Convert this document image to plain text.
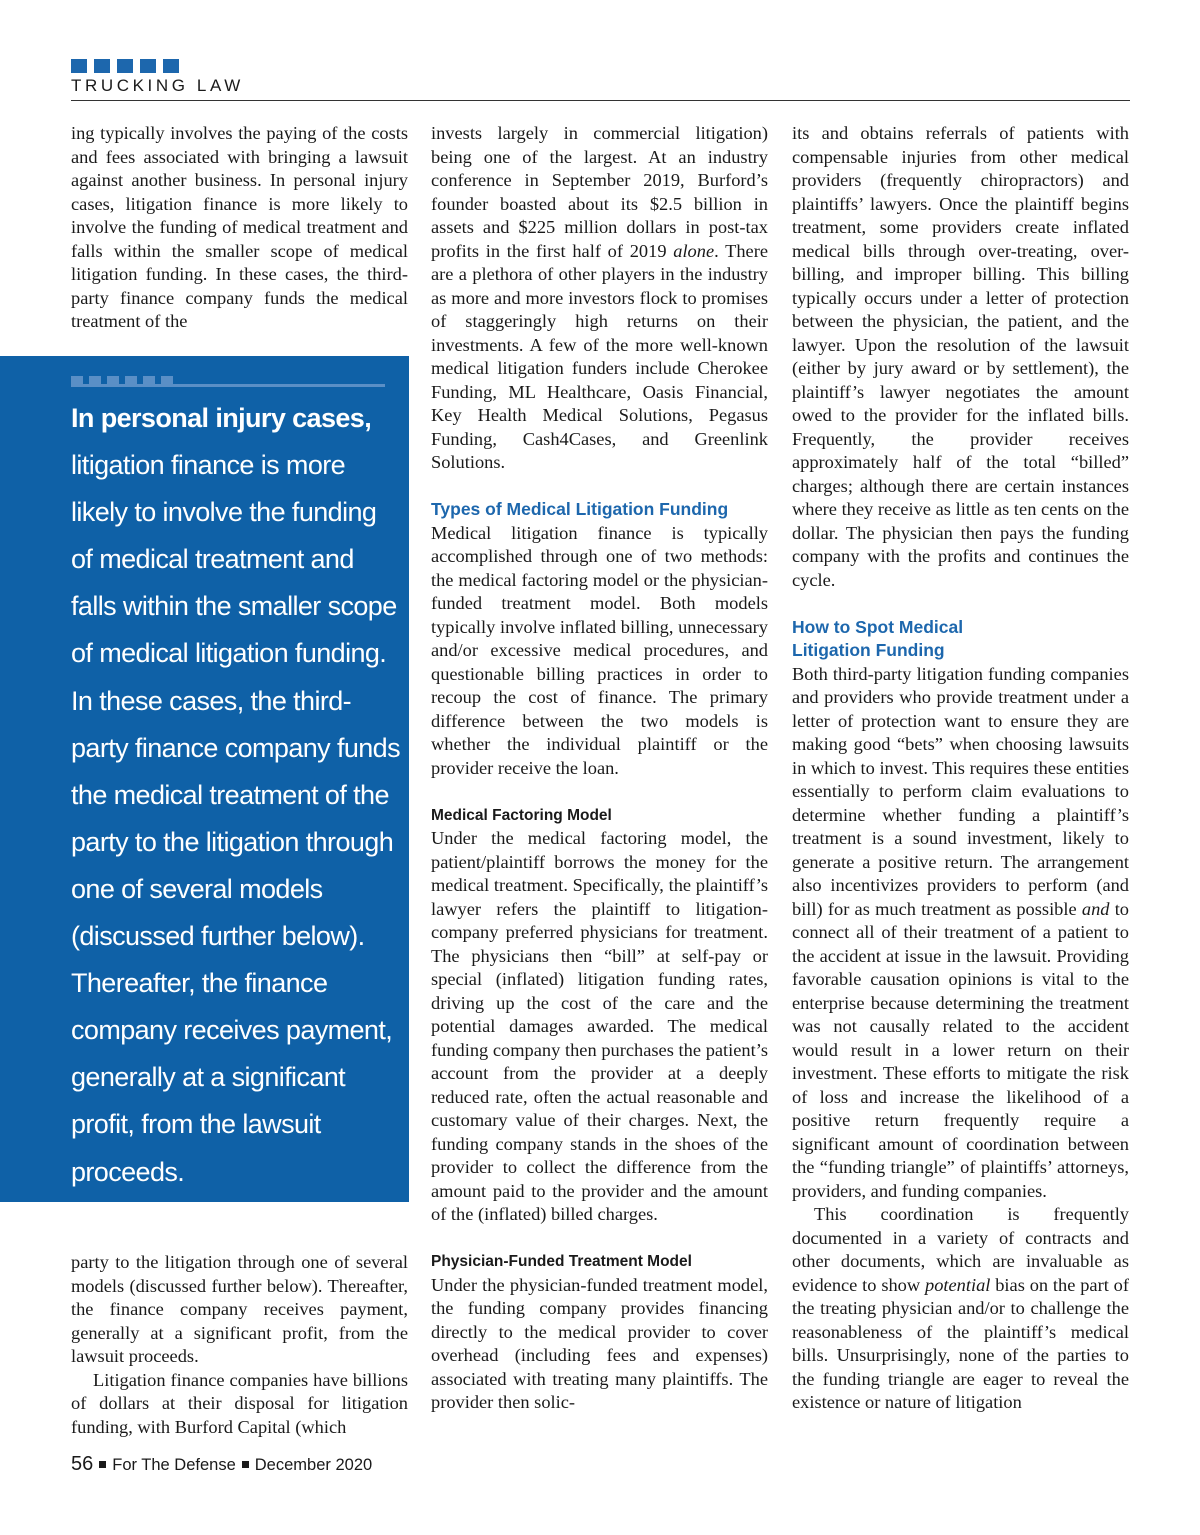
TRUCKING LAW

ing typically involves the paying of the costs and fees associated with bringing a lawsuit against another business. In personal injury cases, litigation finance is more likely to involve the funding of medical treatment and falls within the smaller scope of medical litigation funding. In these cases, the third-party finance company funds the medical treatment of the

In personal injury cases,
litigation finance is more likely to involve the funding of medical treatment and falls within the smaller scope of medical litigation funding. In these cases, the third-party finance company funds the medical treatment of the party to the litigation through one of several models (discussed further below). Thereafter, the finance company receives payment, generally at a significant profit, from the lawsuit proceeds.

party to the litigation through one of several models (discussed further below). Thereafter, the finance company receives payment, generally at a significant profit, from the lawsuit proceeds.

Litigation finance companies have billions of dollars at their disposal for litigation funding, with Burford Capital (which

invests largely in commercial litigation) being one of the largest. At an industry conference in September 2019, Burford’s founder boasted about its $2.5 billion in assets and $225 million dollars in post-tax profits in the first half of 2019 alone. There are a plethora of other players in the industry as more and more investors flock to promises of staggeringly high returns on their investments. A few of the more well-known medical litigation funders include Cherokee Funding, ML Healthcare, Oasis Financial, Key Health Medical Solutions, Pegasus Funding, Cash4Cases, and Greenlink Solutions.

Types of Medical Litigation Funding

Medical litigation finance is typically accomplished through one of two methods: the medical factoring model or the physician-funded treatment model. Both models typically involve inflated billing, unnecessary and/or excessive medical procedures, and questionable billing practices in order to recoup the cost of finance. The primary difference between the two models is whether the individual plaintiff or the provider receive the loan.

Medical Factoring Model

Under the medical factoring model, the patient/plaintiff borrows the money for the medical treatment. Specifically, the plaintiff’s lawyer refers the plaintiff to litigation-company preferred physicians for treatment. The physicians then “bill” at self-pay or special (inflated) litigation funding rates, driving up the cost of the care and the potential damages awarded. The medical funding company then purchases the patient’s account from the provider at a deeply reduced rate, often the actual reasonable and customary value of their charges. Next, the funding company stands in the shoes of the provider to collect the difference from the amount paid to the provider and the amount of the (inflated) billed charges.

Physician-Funded Treatment Model

Under the physician-funded treatment model, the funding company provides financing directly to the medical provider to cover overhead (including fees and expenses) associated with treating many plaintiffs. The provider then solic-

its and obtains referrals of patients with compensable injuries from other medical providers (frequently chiropractors) and plaintiffs’ lawyers. Once the plaintiff begins treatment, some providers create inflated medical bills through over-treating, over-billing, and improper billing. This billing typically occurs under a letter of protection between the physician, the patient, and the lawyer. Upon the resolution of the lawsuit (either by jury award or by settlement), the plaintiff’s lawyer negotiates the amount owed to the provider for the inflated bills. Frequently, the provider receives approximately half of the total “billed” charges; although there are certain instances where they receive as little as ten cents on the dollar. The physician then pays the funding company with the profits and continues the cycle.

How to Spot Medical
Litigation Funding

Both third-party litigation funding companies and providers who provide treatment under a letter of protection want to ensure they are making good “bets” when choosing lawsuits in which to invest. This requires these entities essentially to perform claim evaluations to determine whether funding a plaintiff’s treatment is a sound investment, likely to generate a positive return. The arrangement also incentivizes providers to perform (and bill) for as much treatment as possible and to connect all of their treatment of a patient to the accident at issue in the lawsuit. Providing favorable causation opinions is vital to the enterprise because determining the treatment was not causally related to the accident would result in a lower return on their investment. These efforts to mitigate the risk of loss and increase the likelihood of a positive return frequently require a significant amount of coordination between the “funding triangle” of plaintiffs’ attorneys, providers, and funding companies.

This coordination is frequently documented in a variety of contracts and other documents, which are invaluable as evidence to show potential bias on the part of the treating physician and/or to challenge the reasonableness of the plaintiff’s medical bills. Unsurprisingly, none of the parties to the funding triangle are eager to reveal the existence or nature of litigation

56 For The Defense December 2020
